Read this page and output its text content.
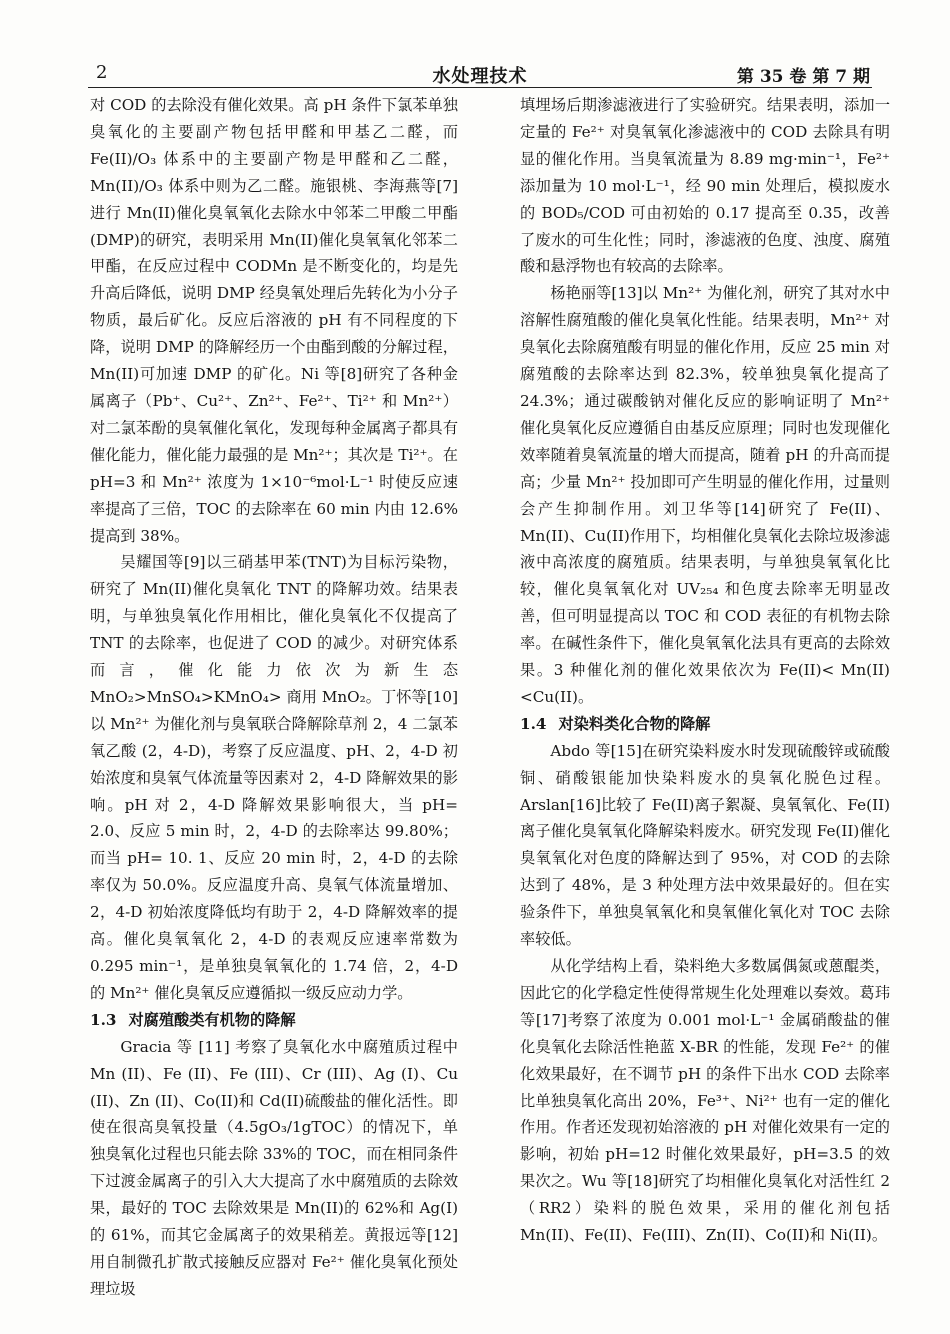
2	水处理技术	第 35 卷 第 7 期

对 COD 的去除没有催化效果。高 pH 条件下氯苯单独臭氧化的主要副产物包括甲醛和甲基乙二醛，而 Fe(II)/O₃ 体系中的主要副产物是甲醛和乙二醛，Mn(II)/O₃ 体系中则为乙二醛。施银桃、李海燕等[7]进行 Mn(II)催化臭氧氧化去除水中邻苯二甲酸二甲酯(DMP)的研究，表明采用 Mn(II)催化臭氧氧化邻苯二甲酯，在反应过程中 CODMn 是不断变化的，均是先升高后降低，说明 DMP 经臭氧处理后先转化为小分子物质，最后矿化。反应后溶液的 pH 有不同程度的下降，说明 DMP 的降解经历一个由酯到酸的分解过程，Mn(II)可加速 DMP 的矿化。Ni 等[8]研究了各种金属离子（Pb⁺、Cu²⁺、Zn²⁺、Fe²⁺、Ti²⁺ 和 Mn²⁺）对二氯苯酚的臭氧催化氧化，发现每种金属离子都具有催化能力，催化能力最强的是 Mn²⁺；其次是 Ti²⁺。在 pH=3 和 Mn²⁺ 浓度为 1×10⁻⁶mol·L⁻¹ 时使反应速率提高了三倍，TOC 的去除率在 60 min 内由 12.6%提高到 38%。

吴耀国等[9]以三硝基甲苯(TNT)为目标污染物，研究了 Mn(II)催化臭氧化 TNT 的降解功效。结果表明，与单独臭氧化作用相比，催化臭氧化不仅提高了 TNT 的去除率，也促进了 COD 的减少。对研究体系而言，催化能力依次为新生态 MnO₂>MnSO₄>KMnO₄> 商用 MnO₂。丁怀等[10]以 Mn²⁺ 为催化剂与臭氧联合降解除草剂 2，4 二氯苯氧乙酸 (2，4-D)，考察了反应温度、pH、2，4-D 初始浓度和臭氧气体流量等因素对 2，4-D 降解效果的影响。pH 对 2，4-D 降解效果影响很大，当 pH= 2.0、反应 5 min 时，2，4-D 的去除率达 99.80%；而当 pH= 10. 1、反应 20 min 时，2，4-D 的去除率仅为 50.0%。反应温度升高、臭氧气体流量增加、2，4-D 初始浓度降低均有助于 2，4-D 降解效率的提高。催化臭氧氧化 2，4-D 的表观反应速率常数为 0.295 min⁻¹，是单独臭氧氧化的 1.74 倍，2，4-D 的 Mn²⁺ 催化臭氧反应遵循拟一级反应动力学。

1.3 对腐殖酸类有机物的降解

Gracia 等 [11] 考察了臭氧化水中腐殖质过程中 Mn (II)、Fe (II)、Fe (III)、Cr (III)、Ag (I)、Cu (II)、Zn (II)、Co(II)和 Cd(II)硫酸盐的催化活性。即使在很高臭氧投量（4.5gO₃/1gTOC）的情况下，单独臭氧化过程也只能去除 33%的 TOC，而在相同条件下过渡金属离子的引入大大提高了水中腐殖质的去除效果，最好的 TOC 去除效果是 Mn(II)的 62%和 Ag(I)的 61%，而其它金属离子的效果稍差。黄报远等[12]用自制微孔扩散式接触反应器对 Fe²⁺ 催化臭氧化预处理垃圾

填埋场后期渗滤液进行了实验研究。结果表明，添加一定量的 Fe²⁺ 对臭氧氧化渗滤液中的 COD 去除具有明显的催化作用。当臭氧流量为 8.89 mg·min⁻¹，Fe²⁺ 添加量为 10 mol·L⁻¹，经 90 min 处理后，模拟废水的 BOD₅/COD 可由初始的 0.17 提高至 0.35，改善了废水的可生化性；同时，渗滤液的色度、浊度、腐殖酸和悬浮物也有较高的去除率。

杨艳丽等[13]以 Mn²⁺ 为催化剂，研究了其对水中溶解性腐殖酸的催化臭氧化性能。结果表明，Mn²⁺ 对臭氧化去除腐殖酸有明显的催化作用，反应 25 min 对腐殖酸的去除率达到 82.3%，较单独臭氧化提高了 24.3%；通过碳酸钠对催化反应的影响证明了 Mn²⁺ 催化臭氧化反应遵循自由基反应原理；同时也发现催化效率随着臭氧流量的增大而提高，随着 pH 的升高而提高；少量 Mn²⁺ 投加即可产生明显的催化作用，过量则会产生抑制作用。刘卫华等[14]研究了 Fe(II)、Mn(II)、Cu(II)作用下，均相催化臭氧化去除垃圾渗滤液中高浓度的腐殖质。结果表明，与单独臭氧氧化比较，催化臭氧氧化对 UV₂₅₄ 和色度去除率无明显改善，但可明显提高以 TOC 和 COD 表征的有机物去除率。在碱性条件下，催化臭氧氧化法具有更高的去除效果。3 种催化剂的催化效果依次为 Fe(II)< Mn(II)<Cu(II)。

1.4 对染料类化合物的降解

Abdo 等[15]在研究染料废水时发现硫酸锌或硫酸铜、硝酸银能加快染料废水的臭氧化脱色过程。Arslan[16]比较了 Fe(II)离子絮凝、臭氧氧化、Fe(II)离子催化臭氧氧化降解染料废水。研究发现 Fe(II)催化臭氧氧化对色度的降解达到了 95%，对 COD 的去除达到了 48%，是 3 种处理方法中效果最好的。但在实验条件下，单独臭氧氧化和臭氧催化氧化对 TOC 去除率较低。

从化学结构上看，染料绝大多数属偶氮或蒽醌类，因此它的化学稳定性使得常规生化处理难以奏效。葛玮等[17]考察了浓度为 0.001 mol·L⁻¹ 金属硝酸盐的催化臭氧化去除活性艳蓝 X-BR 的性能，发现 Fe²⁺ 的催化效果最好，在不调节 pH 的条件下出水 COD 去除率比单独臭氧化高出 20%，Fe³⁺、Ni²⁺ 也有一定的催化作用。作者还发现初始溶液的 pH 对催化效果有一定的影响，初始 pH=12 时催化效果最好，pH=3.5 的效果次之。Wu 等[18]研究了均相催化臭氧化对活性红 2（RR2）染料的脱色效果，采用的催化剂包括 Mn(II)、Fe(II)、Fe(III)、Zn(II)、Co(II)和 Ni(II)。
